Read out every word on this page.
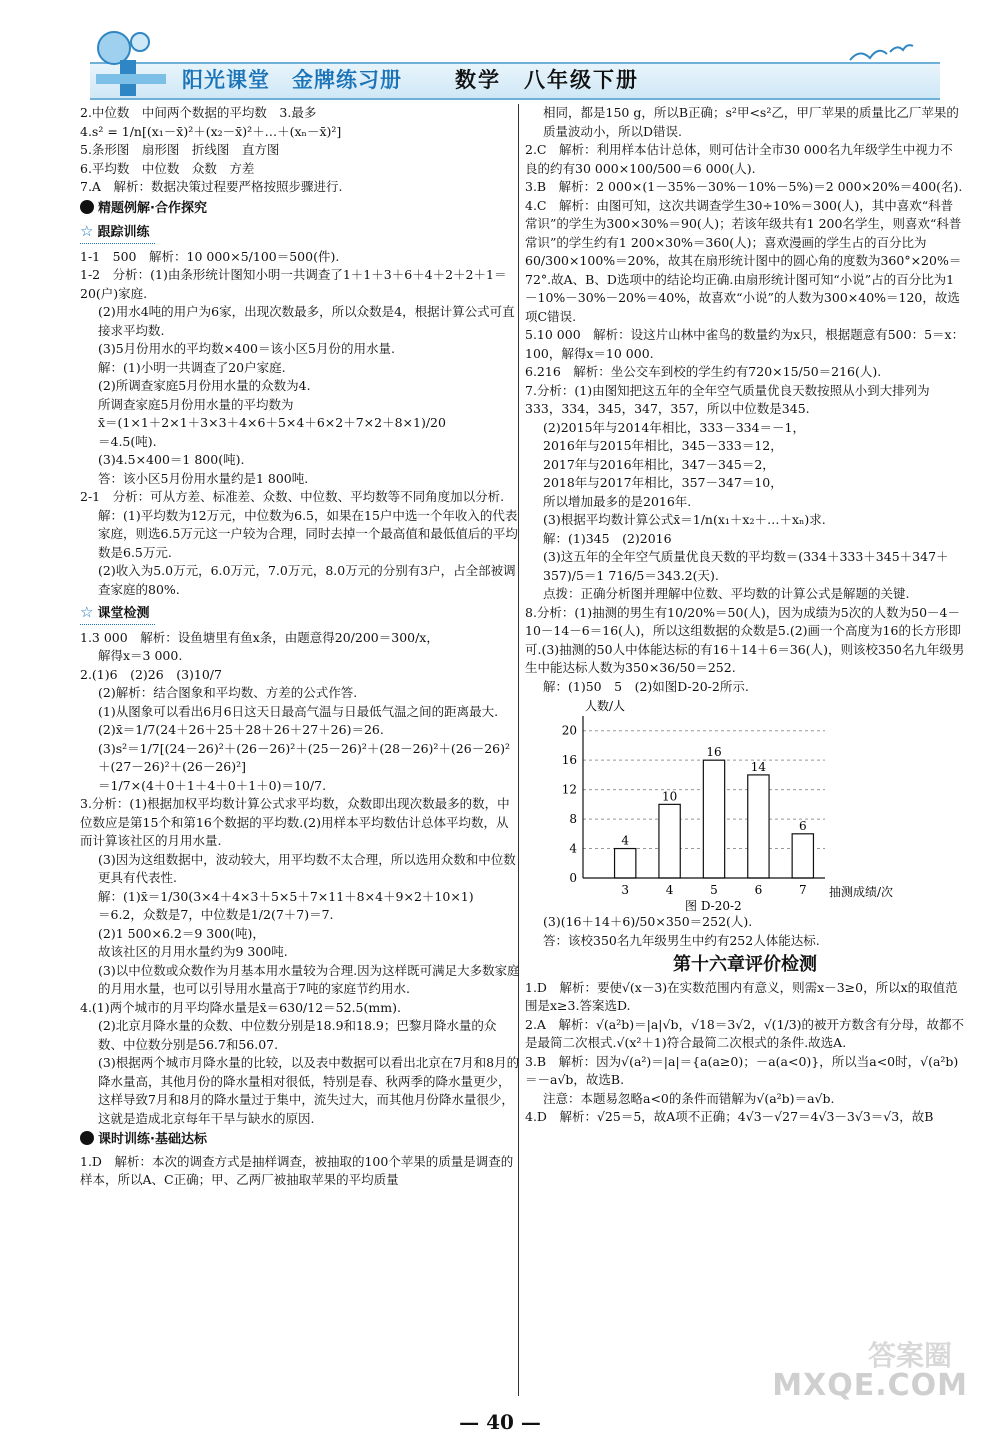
阳光课堂　金牌练习册	数学　八年级下册

2.中位数　中间两个数据的平均数　3.最多

4.s² = 1/n[(x₁－x̄)²＋(x₂－x̄)²＋…＋(xₙ－x̄)²]

5.条形图　扇形图　折线图　直方图

6.平均数　中位数　众数　方差

7.A　解析：数据决策过程要严格按照步骤进行.

精题例解·合作探究
☆ 跟踪训练

1-1　500　解析：10 000×5/100＝500(件).

1-2　分析：(1)由条形统计图知小明一共调查了1＋1＋3＋6＋4＋2＋2＋1＝20(户)家庭.

(2)用水4吨的用户为6家，出现次数最多，所以众数是4，根据计算公式可直接求平均数.

(3)5月份用水的平均数×400＝该小区5月份的用水量.

解：(1)小明一共调查了20户家庭.

(2)所调查家庭5月份用水量的众数为4.

所调查家庭5月份用水量的平均数为

x̄＝(1×1＋2×1＋3×3＋4×6＋5×4＋6×2＋7×2＋8×1)/20

＝4.5(吨).

(3)4.5×400＝1 800(吨).

答：该小区5月份用水量约是1 800吨.

2-1　分析：可从方差、标准差、众数、中位数、平均数等不同角度加以分析.

解：(1)平均数为12万元，中位数为6.5，如果在15户中选一个年收入的代表家庭，则选6.5万元这一户较为合理，同时去掉一个最高值和最低值后的平均数是6.5万元.

(2)收入为5.0万元，6.0万元，7.0万元，8.0万元的分别有3户，占全部被调查家庭的80%.

☆ 课堂检测

1.3 000　解析：设鱼塘里有鱼x条，由题意得20/200＝300/x，

解得x＝3 000.

2.(1)6　(2)26　(3)10/7

(2)解析：结合图象和平均数、方差的公式作答.

(1)从图象可以看出6月6日这天日最高气温与日最低气温之间的距离最大.

(2)x̄＝1/7(24＋26＋25＋28＋26＋27＋26)＝26.

(3)s²＝1/7[(24－26)²＋(26－26)²＋(25－26)²＋(28－26)²＋(26－26)²＋(27－26)²＋(26－26)²]

＝1/7×(4＋0＋1＋4＋0＋1＋0)＝10/7.

3.分析：(1)根据加权平均数计算公式求平均数，众数即出现次数最多的数，中位数应是第15个和第16个数据的平均数.(2)用样本平均数估计总体平均数，从而计算该社区的月用水量.

(3)因为这组数据中，波动较大，用平均数不太合理，所以选用众数和中位数更具有代表性.

解：(1)x̄＝1/30(3×4＋4×3＋5×5＋7×11＋8×4＋9×2＋10×1)

＝6.2，众数是7，中位数是1/2(7＋7)＝7.

(2)1 500×6.2＝9 300(吨)，

故该社区的月用水量约为9 300吨.

(3)以中位数或众数作为月基本用水量较为合理.因为这样既可满足大多数家庭的月用水量，也可以引导用水量高于7吨的家庭节约用水.

4.(1)两个城市的月平均降水量是x̄＝630/12＝52.5(mm).

(2)北京月降水量的众数、中位数分别是18.9和18.9；巴黎月降水量的众数、中位数分别是56.7和56.07.

(3)根据两个城市月降水量的比较，以及表中数据可以看出北京在7月和8月的降水量高，其他月份的降水量相对很低，特别是春、秋两季的降水量更少，这样导致7月和8月的降水量过于集中，流失过大，而其他月份降水量很少，这就是造成北京每年干旱与缺水的原因.

课时训练·基础达标

1.D　解析：本次的调查方式是抽样调查，被抽取的100个苹果的质量是调查的样本，所以A、C正确；甲、乙两厂被抽取苹果的平均质量

相同，都是150 g，所以B正确；s²甲<s²乙，甲厂苹果的质量比乙厂苹果的质量波动小，所以D错误.

2.C　解析：利用样本估计总体，则可估计全市30 000名九年级学生中视力不良的约有30 000×100/500＝6 000(人).

3.B　解析：2 000×(1－35%－30%－10%－5%)＝2 000×20%＝400(名).

4.C　解析：由图可知，这次共调查学生30÷10%＝300(人)，其中喜欢“科普常识”的学生为300×30%＝90(人)；若该年级共有1 200名学生，则喜欢“科普常识”的学生约有1 200×30%＝360(人)；喜欢漫画的学生占的百分比为60/300×100%＝20%，故其在扇形统计图中的圆心角的度数为360°×20%＝72°.故A、B、D选项中的结论均正确.由扇形统计图可知“小说”占的百分比为1－10%－30%－20%＝40%，故喜欢“小说”的人数为300×40%＝120，故选项C错误.

5.10 000　解析：设这片山林中雀鸟的数量约为x只，根据题意有500：5＝x：100，解得x＝10 000.

6.216　解析：坐公交车到校的学生约有720×15/50＝216(人).

7.分析：(1)由图知把这五年的全年空气质量优良天数按照从小到大排列为333，334，345，347，357，所以中位数是345.

(2)2015年与2014年相比，333－334＝－1，

2016年与2015年相比，345－333＝12，

2017年与2016年相比，347－345＝2，

2018年与2017年相比，357－347＝10，

所以增加最多的是2016年.

(3)根据平均数计算公式x̄＝1/n(x₁＋x₂＋…＋xₙ)求.

解：(1)345　(2)2016

(3)这五年的全年空气质量优良天数的平均数＝(334＋333＋345＋347＋357)/5＝1 716/5＝343.2(天).

点拨：正确分析图并理解中位数、平均数的计算公式是解题的关键.

8.分析：(1)抽测的男生有10/20%＝50(人)，因为成绩为5次的人数为50－4－10－14－6＝16(人)，所以这组数据的众数是5.(2)画一个高度为16的长方形即可.(3)抽测的50人中体能达标的有16＋14＋6＝36(人)，则该校350名九年级男生中能达标人数为350×36/50＝252.

解：(1)50　5　(2)如图D-20-2所示.

0
4
8
12
16
20
4
3
10
4
16
5
14
6
6
7
人数/人
抽测成绩/次
图 D-20-2

(3)(16＋14＋6)/50×350＝252(人).

答：该校350名九年级男生中约有252人体能达标.

第十六章评价检测

1.D　解析：要使√(x－3)在实数范围内有意义，则需x－3≥0，所以x的取值范围是x≥3.答案选D.

2.A　解析：√(a²b)＝|a|√b，√18＝3√2，√(1/3)的被开方数含有分母，故都不是最简二次根式.√(x²＋1)符合最简二次根式的条件.故选A.

3.B　解析：因为√(a²)＝|a|＝{a(a≥0)；－a(a<0)}，所以当a<0时，√(a²b)＝－a√b，故选B.

注意：本题易忽略a<0的条件而错解为√(a²b)＝a√b.

4.D　解析：√25＝5，故A项不正确；4√3－√27＝4√3－3√3＝√3，故B

答案圈
MXQE.COM
— 40 —
